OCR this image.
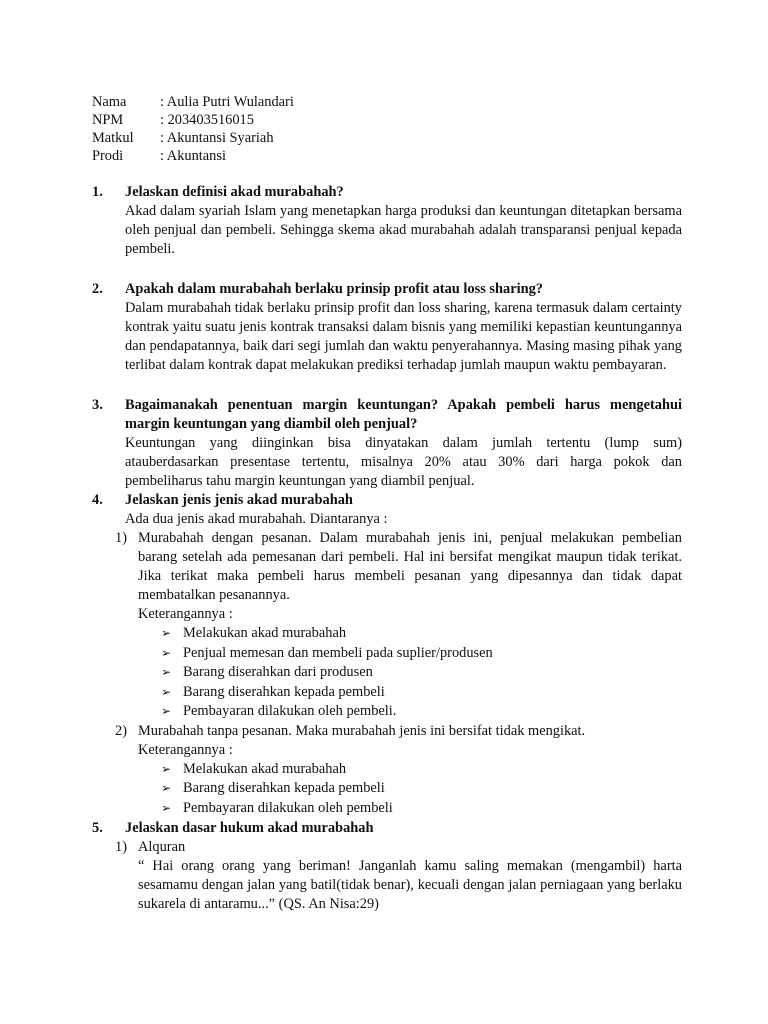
Nama	: Aulia Putri Wulandari
NPM	: 203403516015
Matkul	: Akuntansi Syariah
Prodi	: Akuntansi
1.	Jelaskan definisi akad murabahah?

Akad dalam syariah Islam yang menetapkan harga produksi dan keuntungan ditetapkan bersama oleh penjual dan pembeli. Sehingga skema akad murabahah adalah transparansi penjual kepada pembeli.

2.	Apakah dalam murabahah berlaku prinsip profit atau loss sharing?

Dalam murabahah tidak berlaku prinsip profit dan loss sharing, karena termasuk dalam certainty kontrak yaitu suatu jenis kontrak transaksi dalam bisnis yang memiliki kepastian keuntungannya dan pendapatannya, baik dari segi jumlah dan waktu penyerahannya. Masing masing pihak yang terlibat dalam kontrak dapat melakukan prediksi terhadap jumlah maupun waktu pembayaran.

3.	Bagaimanakah penentuan margin keuntungan? Apakah pembeli harus mengetahui margin keuntungan yang diambil oleh penjual?

Keuntungan yang diinginkan bisa dinyatakan dalam jumlah tertentu (lump sum) atauberdasarkan presentase tertentu, misalnya 20% atau 30% dari harga pokok dan pembeliharus tahu margin keuntungan yang diambil penjual.

4.	Jelaskan jenis jenis akad murabahah

Ada dua jenis akad murabahah. Diantaranya :

1) Murabahah dengan pesanan. Dalam murabahah jenis ini, penjual melakukan pembelian barang setelah ada pemesanan dari pembeli. Hal ini bersifat mengikat maupun tidak terikat. Jika terikat maka pembeli harus membeli pesanan yang dipesannya dan tidak dapat membatalkan pesanannya.

Keterangannya :

➢ Melakukan akad murabahah
➢ Penjual memesan dan membeli pada suplier/produsen
➢ Barang diserahkan dari produsen
➢ Barang diserahkan kepada pembeli
➢ Pembayaran dilakukan oleh pembeli.
2) Murabahah tanpa pesanan. Maka murabahah jenis ini bersifat tidak mengikat.

Keterangannya :

➢ Melakukan akad murabahah
➢ Barang diserahkan kepada pembeli
➢ Pembayaran dilakukan oleh pembeli
5.	Jelaskan dasar hukum akad murabahah
1) Alquran

“ Hai orang orang yang beriman! Janganlah kamu saling memakan (mengambil) harta sesamamu dengan jalan yang batil(tidak benar), kecuali dengan jalan perniagaan yang berlaku sukarela di antaramu...” (QS. An Nisa:29)
